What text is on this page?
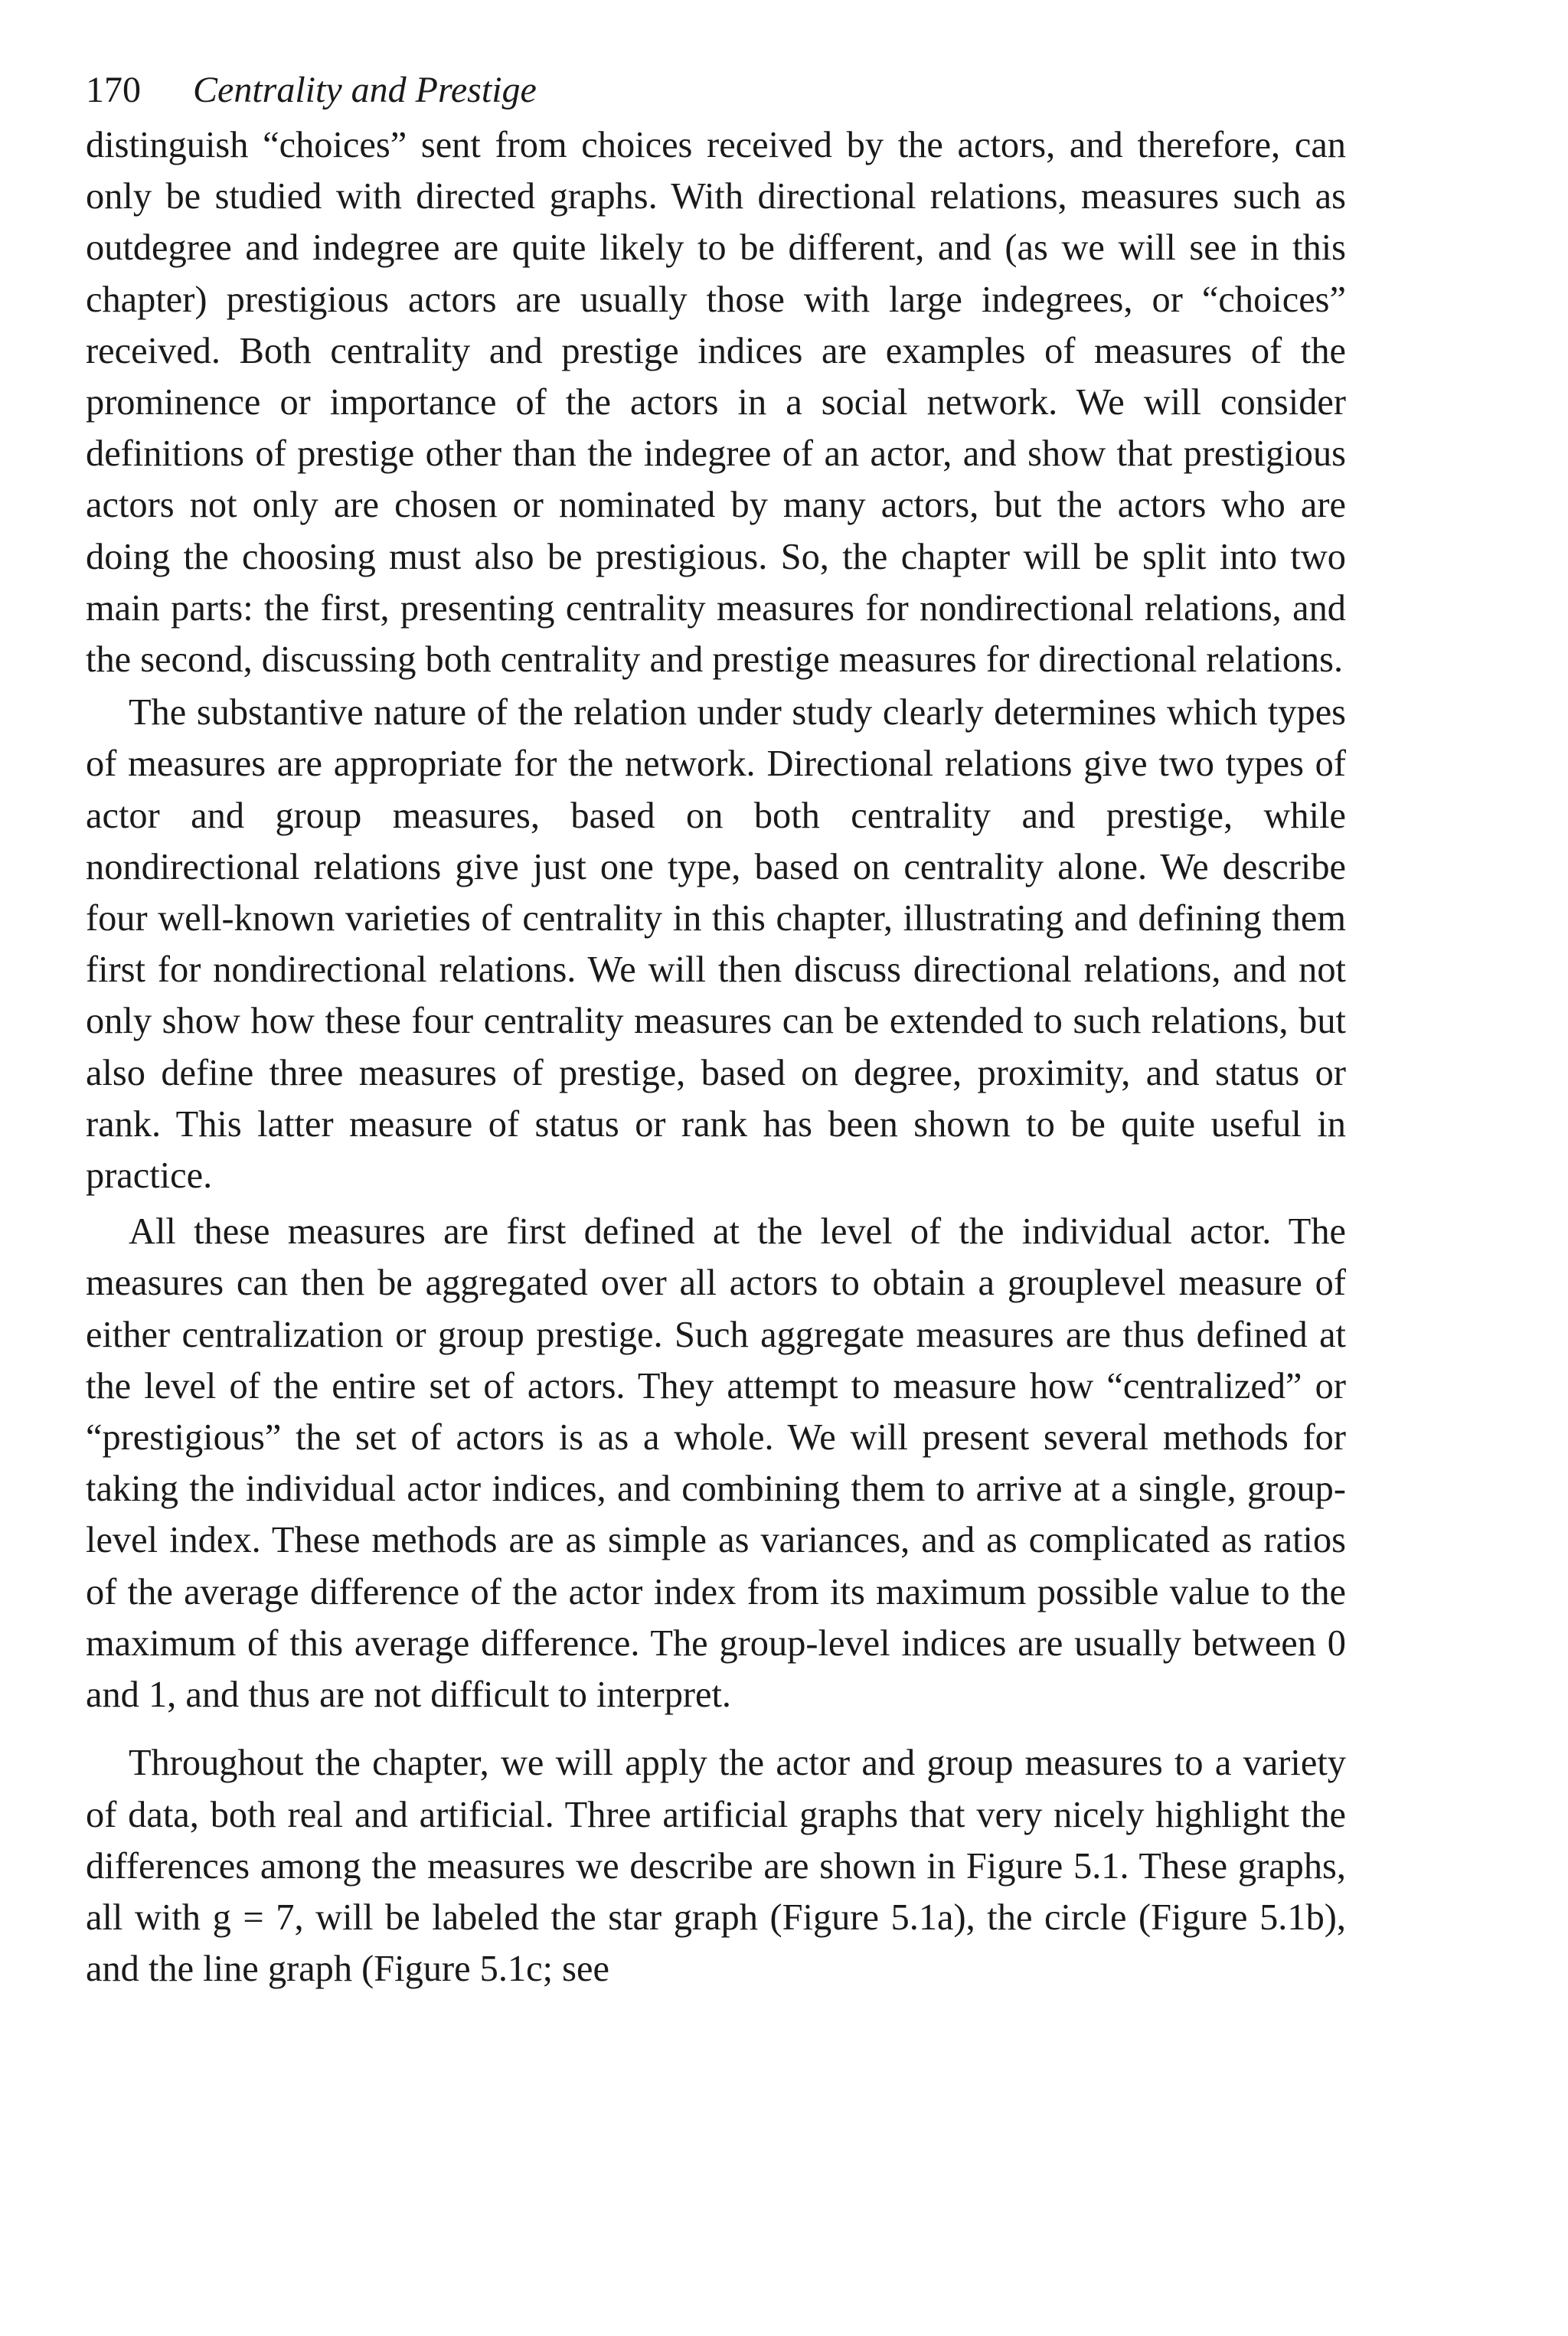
170 Centrality and Prestige

distinguish “choices” sent from choices received by the actors, and therefore, can only be studied with directed graphs. With directional relations, measures such as outdegree and indegree are quite likely to be different, and (as we will see in this chapter) prestigious actors are usually those with large indegrees, or “choices” received. Both centrality and prestige indices are examples of measures of the prominence or importance of the actors in a social network. We will consider definitions of prestige other than the indegree of an actor, and show that prestigious actors not only are chosen or nominated by many actors, but the actors who are doing the choosing must also be prestigious. So, the chapter will be split into two main parts: the first, presenting centrality measures for nondirectional relations, and the second, discussing both centrality and prestige measures for directional relations.

The substantive nature of the relation under study clearly determines which types of measures are appropriate for the network. Directional relations give two types of actor and group measures, based on both centrality and prestige, while nondirectional relations give just one type, based on centrality alone. We describe four well-known varieties of centrality in this chapter, illustrating and defining them first for nondirectional relations. We will then discuss directional relations, and not only show how these four centrality measures can be extended to such relations, but also define three measures of prestige, based on degree, proximity, and status or rank. This latter measure of status or rank has been shown to be quite useful in practice.

All these measures are first defined at the level of the individual actor. The measures can then be aggregated over all actors to obtain a grouplevel measure of either centralization or group prestige. Such aggregate measures are thus defined at the level of the entire set of actors. They attempt to measure how “centralized” or “prestigious” the set of actors is as a whole. We will present several methods for taking the individual actor indices, and combining them to arrive at a single, group-level index. These methods are as simple as variances, and as complicated as ratios of the average difference of the actor index from its maximum possible value to the maximum of this average difference. The group-level indices are usually between 0 and 1, and thus are not difficult to interpret.

Throughout the chapter, we will apply the actor and group measures to a variety of data, both real and artificial. Three artificial graphs that very nicely highlight the differences among the measures we describe are shown in Figure 5.1. These graphs, all with g = 7, will be labeled the star graph (Figure 5.1a), the circle (Figure 5.1b), and the line graph (Figure 5.1c; see
